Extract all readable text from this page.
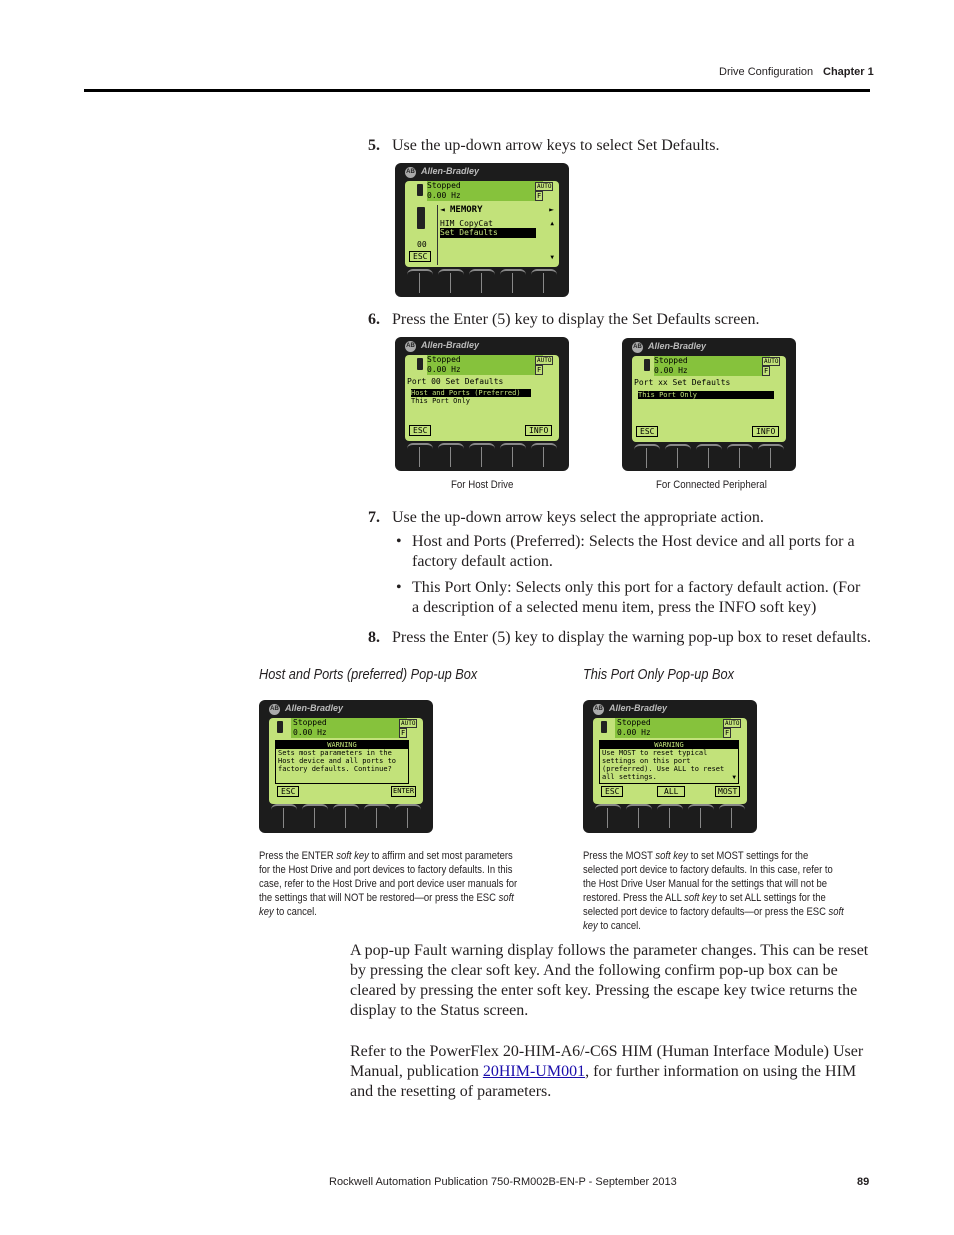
Drive Configuration Chapter 1
5. Use the up-down arrow keys to select Set Defaults.
AB Allen-Bradley
Stopped
0.00 Hz
AUTO
F
00
◄ MEMORY	►
HIM CopyCat
Set Defaults
▲
▼
ESC
6. Press the Enter (5) key to display the Set Defaults screen.
AB Allen-Bradley
Stopped
0.00 Hz
AUTO
F
Port 00 Set Defaults
Host and Ports (Preferred)
This Port Only
ESC	INFO
AB Allen-Bradley
Stopped
0.00 Hz
AUTO
F
Port xx Set Defaults
This Port Only
ESC	INFO
For Host Drive	For Connected Peripheral
7. Use the up-down arrow keys select the appropriate action.
• Host and Ports (Preferred): Selects the Host device and all ports for a factory default action.
• This Port Only: Selects only this port for a factory default action. (For a description of a selected menu item, press the INFO soft key)
8. Press the Enter (5) key to display the warning pop-up box to reset defaults.
Host and Ports (preferred) Pop-up Box	This Port Only Pop-up Box
AB Allen-Bradley
Stopped
0.00 Hz
AUTO
F
WARNING
Sets most parameters in the Host device and all ports to factory defaults. Continue?
ESC	ENTER
AB Allen-Bradley
Stopped
0.00 Hz
AUTO
F
WARNING
Use MOST to reset typical settings on this port (preferred). Use ALL to reset all settings.	▼
ESC	ALL	MOST
Press the ENTER soft key to affirm and set most parameters for the Host Drive and port devices to factory defaults. In this case, refer to the Host Drive and port device user manuals for the settings that will NOT be restored—or press the ESC soft key to cancel.
Press the MOST soft key to set MOST settings for the selected port device to factory defaults. In this case, refer to the Host Drive User Manual for the settings that will not be restored. Press the ALL soft key to set ALL settings for the selected port device to factory defaults—or press the ESC soft key to cancel.
A pop-up Fault warning display follows the parameter changes. This can be reset by pressing the clear soft key. And the following confirm pop-up box can be cleared by pressing the enter soft key. Pressing the escape key twice returns the display to the Status screen.
Refer to the PowerFlex 20-HIM-A6/-C6S HIM (Human Interface Module) User Manual, publication 20HIM-UM001, for further information on using the HIM and the resetting of parameters.
Rockwell Automation Publication 750-RM002B-EN-P - September 2013	89
